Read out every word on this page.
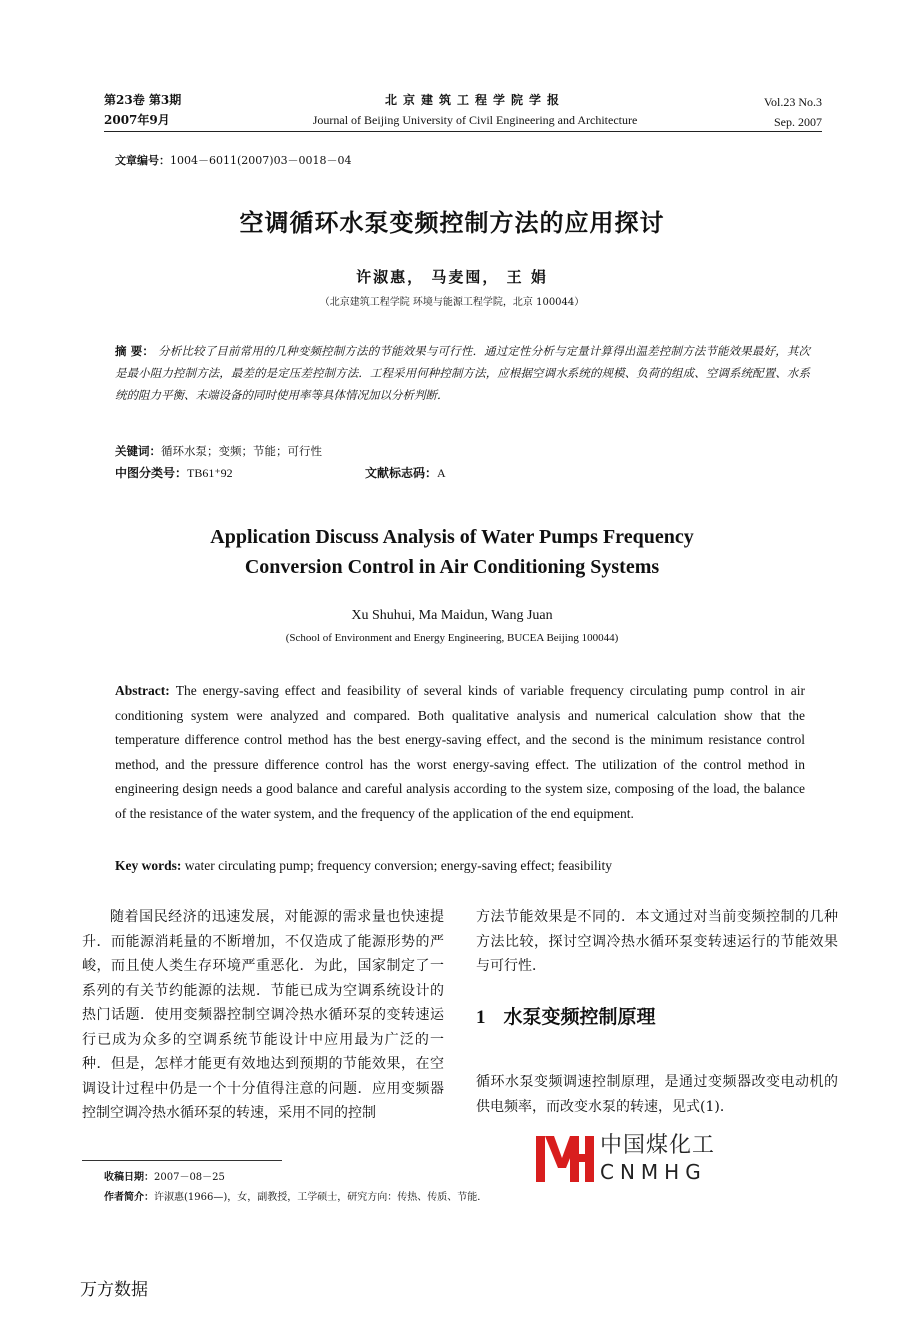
第23卷 第3期
2007年9月
北京建筑工程学院学报
Journal of Beijing University of Civil Engineering and Architecture
Vol.23 No.3
Sep. 2007
文章编号：1004－6011(2007)03－0018－04
空调循环水泵变频控制方法的应用探讨
许淑惠， 马麦囤， 王 娟
（北京建筑工程学院 环境与能源工程学院，北京 100044）
摘 要： 分析比较了目前常用的几种变频控制方法的节能效果与可行性．通过定性分析与定量计算得出温差控制方法节能效果最好，其次是最小阻力控制方法，最差的是定压差控制方法．工程采用何种控制方法，应根据空调水系统的规模、负荷的组成、空调系统配置、水系统的阻力平衡、末端设备的同时使用率等具体情况加以分析判断．
关键词：循环水泵；变频；节能；可行性
中图分类号：TB61⁺92	文献标志码：A
Application Discuss Analysis of Water Pumps Frequency
Conversion Control in Air Conditioning Systems
Xu Shuhui, Ma Maidun, Wang Juan
(School of Environment and Energy Engineering, BUCEA Beijing 100044)
Abstract: The energy-saving effect and feasibility of several kinds of variable frequency circulating pump control in air conditioning system were analyzed and compared. Both qualitative analysis and numerical calculation show that the temperature difference control method has the best energy-saving effect, and the second is the minimum resistance control method, and the pressure difference control has the worst energy-saving effect. The utilization of the control method in engineering design needs a good balance and careful analysis according to the system size, composing of the load, the balance of the resistance of the water system, and the frequency of the application of the end equipment.
Key words: water circulating pump; frequency conversion; energy-saving effect; feasibility

随着国民经济的迅速发展，对能源的需求量也快速提升．而能源消耗量的不断增加，不仅造成了能源形势的严峻，而且使人类生存环境严重恶化．为此，国家制定了一系列的有关节约能源的法规．节能已成为空调系统设计的热门话题．使用变频器控制空调冷热水循环泵的变转速运行已成为众多的空调系统节能设计中应用最为广泛的一种．但是，怎样才能更有效地达到预期的节能效果，在空调设计过程中仍是一个十分值得注意的问题．应用变频器控制空调冷热水循环泵的转速，采用不同的控制

方法节能效果是不同的．本文通过对当前变频控制的几种方法比较，探讨空调冷热水循环泵变转速运行的节能效果与可行性．
1 水泵变频控制原理

循环水泵变频调速控制原理，是通过变频器改变电动机的供电频率，而改变水泵的转速，见式(1)．

收稿日期：2007－08－25
作者简介：许淑惠(1966—)，女，副教授，工学硕士，研究方向：传热、传质、节能．
中国煤化工
CNMHG
万方数据
